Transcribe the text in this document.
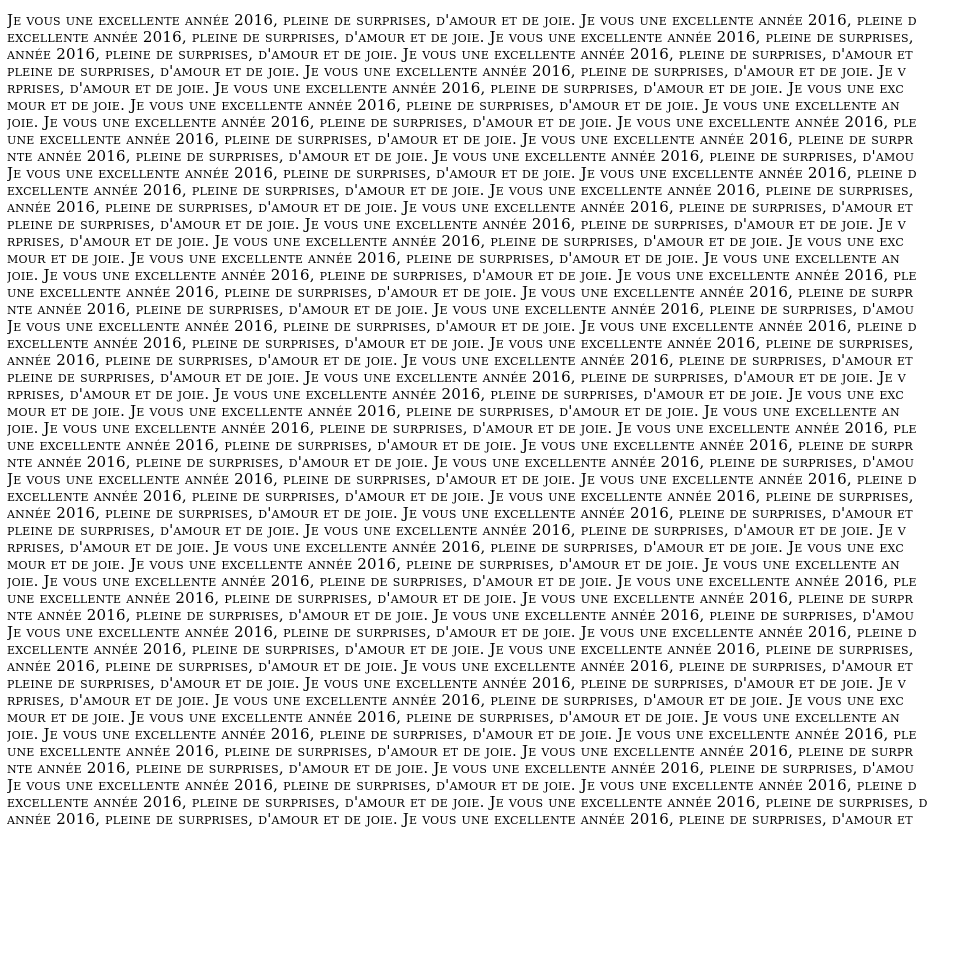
Je vous une excellente année 2016, pleine de surprises, d'amour et de joie. Je vous une excellente année 2016, pleine d
excellente année 2016, pleine de surprises, d'amour et de joie. Je vous une excellente année 2016, pleine de surprises,
année 2016, pleine de surprises, d'amour et de joie. Je vous une excellente année 2016, pleine de surprises, d'amour et
pleine de surprises, d'amour et de joie. Je vous une excellente année 2016, pleine de surprises, d'amour et de joie. Je v
rprises, d'amour et de joie. Je vous une excellente année 2016, pleine de surprises, d'amour et de joie. Je vous une exc
mour et de joie. Je vous une excellente année 2016, pleine de surprises, d'amour et de joie. Je vous une excellente an
joie. Je vous une excellente année 2016, pleine de surprises, d'amour et de joie. Je vous une excellente année 2016, ple
une excellente année 2016, pleine de surprises, d'amour et de joie. Je vous une excellente année 2016, pleine de surpr
nte année 2016, pleine de surprises, d'amour et de joie. Je vous une excellente année 2016, pleine de surprises, d'amou
Je vous une excellente année 2016, pleine de surprises, d'amour et de joie. Je vous une excellente année 2016, pleine d
excellente année 2016, pleine de surprises, d'amour et de joie. Je vous une excellente année 2016, pleine de surprises,
année 2016, pleine de surprises, d'amour et de joie. Je vous une excellente année 2016, pleine de surprises, d'amour et
pleine de surprises, d'amour et de joie. Je vous une excellente année 2016, pleine de surprises, d'amour et de joie. Je v
rprises, d'amour et de joie. Je vous une excellente année 2016, pleine de surprises, d'amour et de joie. Je vous une exc
mour et de joie. Je vous une excellente année 2016, pleine de surprises, d'amour et de joie. Je vous une excellente an
joie. Je vous une excellente année 2016, pleine de surprises, d'amour et de joie. Je vous une excellente année 2016, ple
une excellente année 2016, pleine de surprises, d'amour et de joie. Je vous une excellente année 2016, pleine de surpr
nte année 2016, pleine de surprises, d'amour et de joie. Je vous une excellente année 2016, pleine de surprises, d'amou
Je vous une excellente année 2016, pleine de surprises, d'amour et de joie. Je vous une excellente année 2016, pleine d
excellente année 2016, pleine de surprises, d'amour et de joie. Je vous une excellente année 2016, pleine de surprises,
année 2016, pleine de surprises, d'amour et de joie. Je vous une excellente année 2016, pleine de surprises, d'amour et
pleine de surprises, d'amour et de joie. Je vous une excellente année 2016, pleine de surprises, d'amour et de joie. Je v
rprises, d'amour et de joie. Je vous une excellente année 2016, pleine de surprises, d'amour et de joie. Je vous une exc
mour et de joie. Je vous une excellente année 2016, pleine de surprises, d'amour et de joie. Je vous une excellente an
joie. Je vous une excellente année 2016, pleine de surprises, d'amour et de joie. Je vous une excellente année 2016, ple
une excellente année 2016, pleine de surprises, d'amour et de joie. Je vous une excellente année 2016, pleine de surpr
nte année 2016, pleine de surprises, d'amour et de joie. Je vous une excellente année 2016, pleine de surprises, d'amou
Je vous une excellente année 2016, pleine de surprises, d'amour et de joie. Je vous une excellente année 2016, pleine d
excellente année 2016, pleine de surprises, d'amour et de joie. Je vous une excellente année 2016, pleine de surprises,
année 2016, pleine de surprises, d'amour et de joie. Je vous une excellente année 2016, pleine de surprises, d'amour et
pleine de surprises, d'amour et de joie. Je vous une excellente année 2016, pleine de surprises, d'amour et de joie. Je v
rprises, d'amour et de joie. Je vous une excellente année 2016, pleine de surprises, d'amour et de joie. Je vous une exc
mour et de joie. Je vous une excellente année 2016, pleine de surprises, d'amour et de joie. Je vous une excellente an
joie. Je vous une excellente année 2016, pleine de surprises, d'amour et de joie. Je vous une excellente année 2016, ple
une excellente année 2016, pleine de surprises, d'amour et de joie. Je vous une excellente année 2016, pleine de surpr
nte année 2016, pleine de surprises, d'amour et de joie. Je vous une excellente année 2016, pleine de surprises, d'amou
Je vous une excellente année 2016, pleine de surprises, d'amour et de joie. Je vous une excellente année 2016, pleine d
excellente année 2016, pleine de surprises, d'amour et de joie. Je vous une excellente année 2016, pleine de surprises,
année 2016, pleine de surprises, d'amour et de joie. Je vous une excellente année 2016, pleine de surprises, d'amour et
pleine de surprises, d'amour et de joie. Je vous une excellente année 2016, pleine de surprises, d'amour et de joie. Je v
rprises, d'amour et de joie. Je vous une excellente année 2016, pleine de surprises, d'amour et de joie. Je vous une exc
mour et de joie. Je vous une excellente année 2016, pleine de surprises, d'amour et de joie. Je vous une excellente an
joie. Je vous une excellente année 2016, pleine de surprises, d'amour et de joie. Je vous une excellente année 2016, ple
une excellente année 2016, pleine de surprises, d'amour et de joie. Je vous une excellente année 2016, pleine de surpr
nte année 2016, pleine de surprises, d'amour et de joie. Je vous une excellente année 2016, pleine de surprises, d'amou
Je vous une excellente année 2016, pleine de surprises, d'amour et de joie. Je vous une excellente année 2016, pleine d
excellente année 2016, pleine de surprises, d'amour et de joie. Je vous une excellente année 2016, pleine de surprises, d
année 2016, pleine de surprises, d'amour et de joie. Je vous une excellente année 2016, pleine de surprises, d'amour et
